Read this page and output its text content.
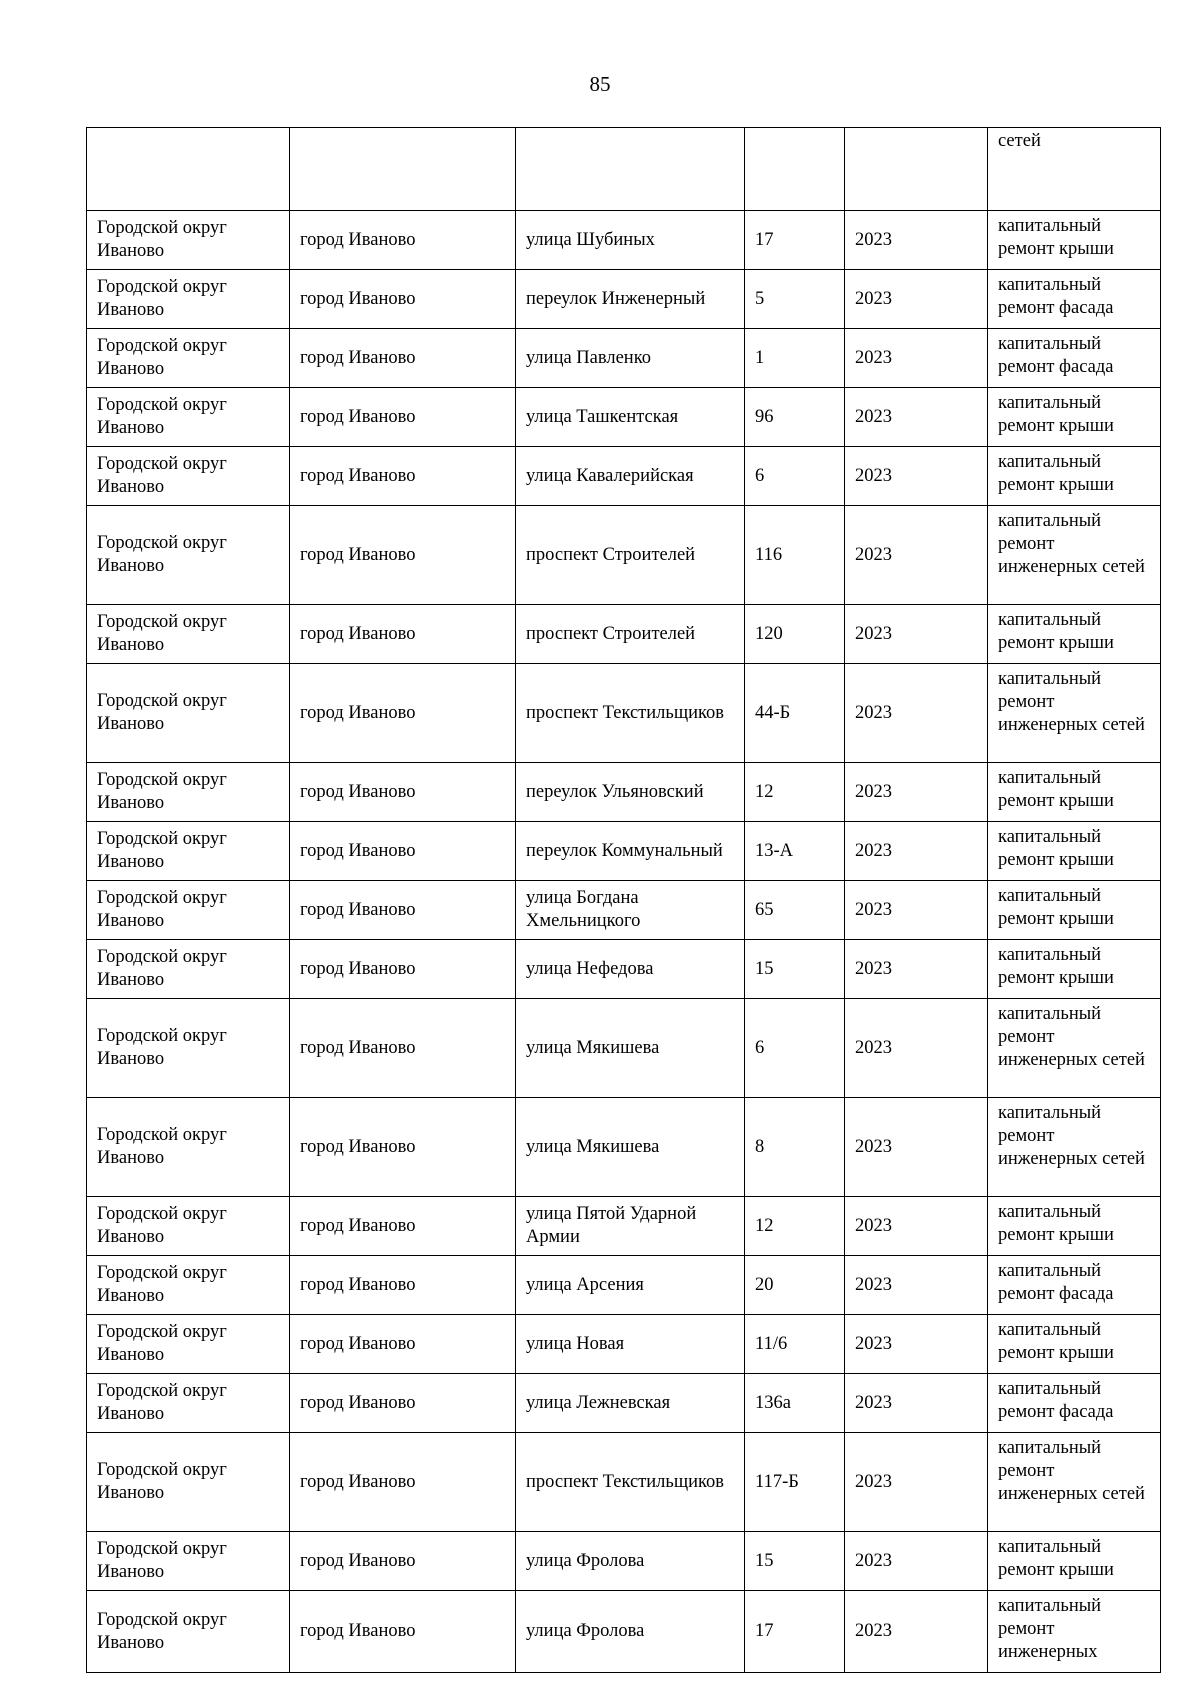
85
					сетей
Городской округ Иваново	город Иваново	улица Шубиных	17	2023	капитальный ремонт крыши
Городской округ Иваново	город Иваново	переулок Инженерный	5	2023	капитальный ремонт фасада
Городской округ Иваново	город Иваново	улица Павленко	1	2023	капитальный ремонт фасада
Городской округ Иваново	город Иваново	улица Ташкентская	96	2023	капитальный ремонт крыши
Городской округ Иваново	город Иваново	улица Кавалерийская	6	2023	капитальный ремонт крыши
Городской округ Иваново	город Иваново	проспект Строителей	116	2023	капитальный ремонт инженерных сетей
Городской округ Иваново	город Иваново	проспект Строителей	120	2023	капитальный ремонт крыши
Городской округ Иваново	город Иваново	проспект Текстильщиков	44-Б	2023	капитальный ремонт инженерных сетей
Городской округ Иваново	город Иваново	переулок Ульяновский	12	2023	капитальный ремонт крыши
Городской округ Иваново	город Иваново	переулок Коммунальный	13-А	2023	капитальный ремонт крыши
Городской округ Иваново	город Иваново	улица Богдана Хмельницкого	65	2023	капитальный ремонт крыши
Городской округ Иваново	город Иваново	улица Нефедова	15	2023	капитальный ремонт крыши
Городской округ Иваново	город Иваново	улица Мякишева	6	2023	капитальный ремонт инженерных сетей
Городской округ Иваново	город Иваново	улица Мякишева	8	2023	капитальный ремонт инженерных сетей
Городской округ Иваново	город Иваново	улица Пятой Ударной Армии	12	2023	капитальный ремонт крыши
Городской округ Иваново	город Иваново	улица Арсения	20	2023	капитальный ремонт фасада
Городской округ Иваново	город Иваново	улица Новая	11/6	2023	капитальный ремонт крыши
Городской округ Иваново	город Иваново	улица Лежневская	136а	2023	капитальный ремонт фасада
Городской округ Иваново	город Иваново	проспект Текстильщиков	117-Б	2023	капитальный ремонт инженерных сетей
Городской округ Иваново	город Иваново	улица Фролова	15	2023	капитальный ремонт крыши
Городской округ Иваново	город Иваново	улица Фролова	17	2023	капитальный ремонт инженерных
